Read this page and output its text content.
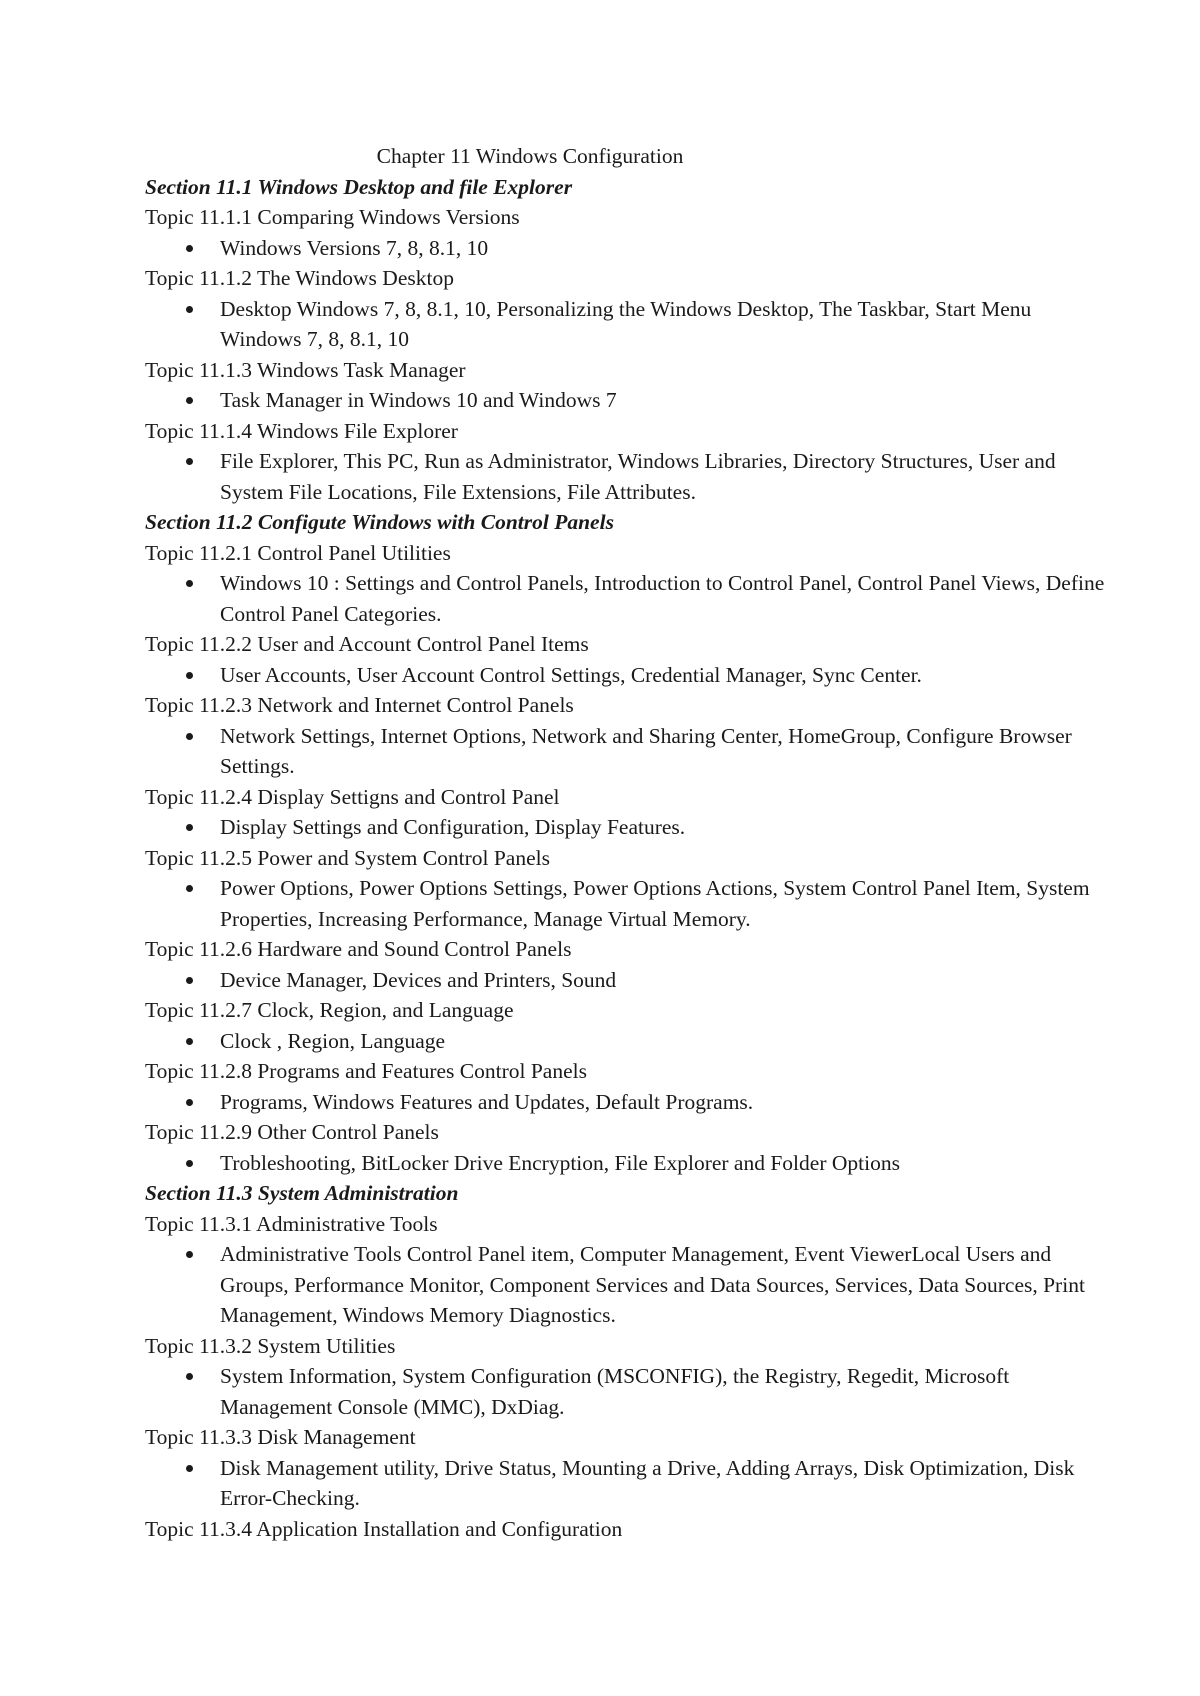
Chapter 11 Windows Configuration

Section 11.1 Windows Desktop and file Explorer

Topic 11.1.1 Comparing Windows Versions

Windows Versions 7, 8, 8.1, 10

Topic 11.1.2 The Windows Desktop

Desktop Windows 7, 8, 8.1, 10, Personalizing the Windows Desktop, The Taskbar, Start Menu Windows 7, 8, 8.1, 10

Topic 11.1.3 Windows Task Manager

Task Manager in Windows 10 and Windows 7

Topic 11.1.4 Windows File Explorer

File Explorer, This PC, Run as Administrator, Windows Libraries, Directory Structures, User and System File Locations, File Extensions, File Attributes.

Section 11.2 Configute Windows with Control Panels

Topic 11.2.1 Control Panel Utilities

Windows 10 : Settings and Control Panels, Introduction to Control Panel, Control Panel Views, Define Control Panel Categories.

Topic 11.2.2 User and Account Control Panel Items

User Accounts, User Account Control Settings, Credential Manager, Sync Center.

Topic 11.2.3 Network and Internet Control Panels

Network Settings, Internet Options, Network and Sharing Center, HomeGroup, Configure Browser Settings.

Topic 11.2.4 Display Settigns and Control Panel

Display Settings and Configuration, Display Features.

Topic 11.2.5 Power and System Control Panels

Power Options, Power Options Settings, Power Options Actions, System Control Panel Item, System Properties, Increasing Performance, Manage Virtual Memory.

Topic 11.2.6 Hardware and Sound Control Panels

Device Manager, Devices and Printers, Sound

Topic 11.2.7 Clock, Region, and Language

Clock , Region, Language

Topic 11.2.8 Programs and Features Control Panels

Programs, Windows Features and Updates, Default Programs.

Topic 11.2.9 Other Control Panels

Trobleshooting, BitLocker Drive Encryption, File Explorer and Folder Options

Section 11.3 System Administration

Topic 11.3.1 Administrative Tools

Administrative Tools Control Panel item, Computer Management, Event ViewerLocal Users and Groups, Performance Monitor, Component Services and Data Sources, Services, Data Sources, Print Management, Windows Memory Diagnostics.

Topic 11.3.2 System Utilities

System Information, System Configuration (MSCONFIG), the Registry, Regedit, Microsoft Management Console (MMC), DxDiag.

Topic 11.3.3 Disk Management

Disk Management utility, Drive Status, Mounting a Drive, Adding Arrays, Disk Optimization, Disk Error-Checking.

Topic 11.3.4 Application Installation and Configuration
